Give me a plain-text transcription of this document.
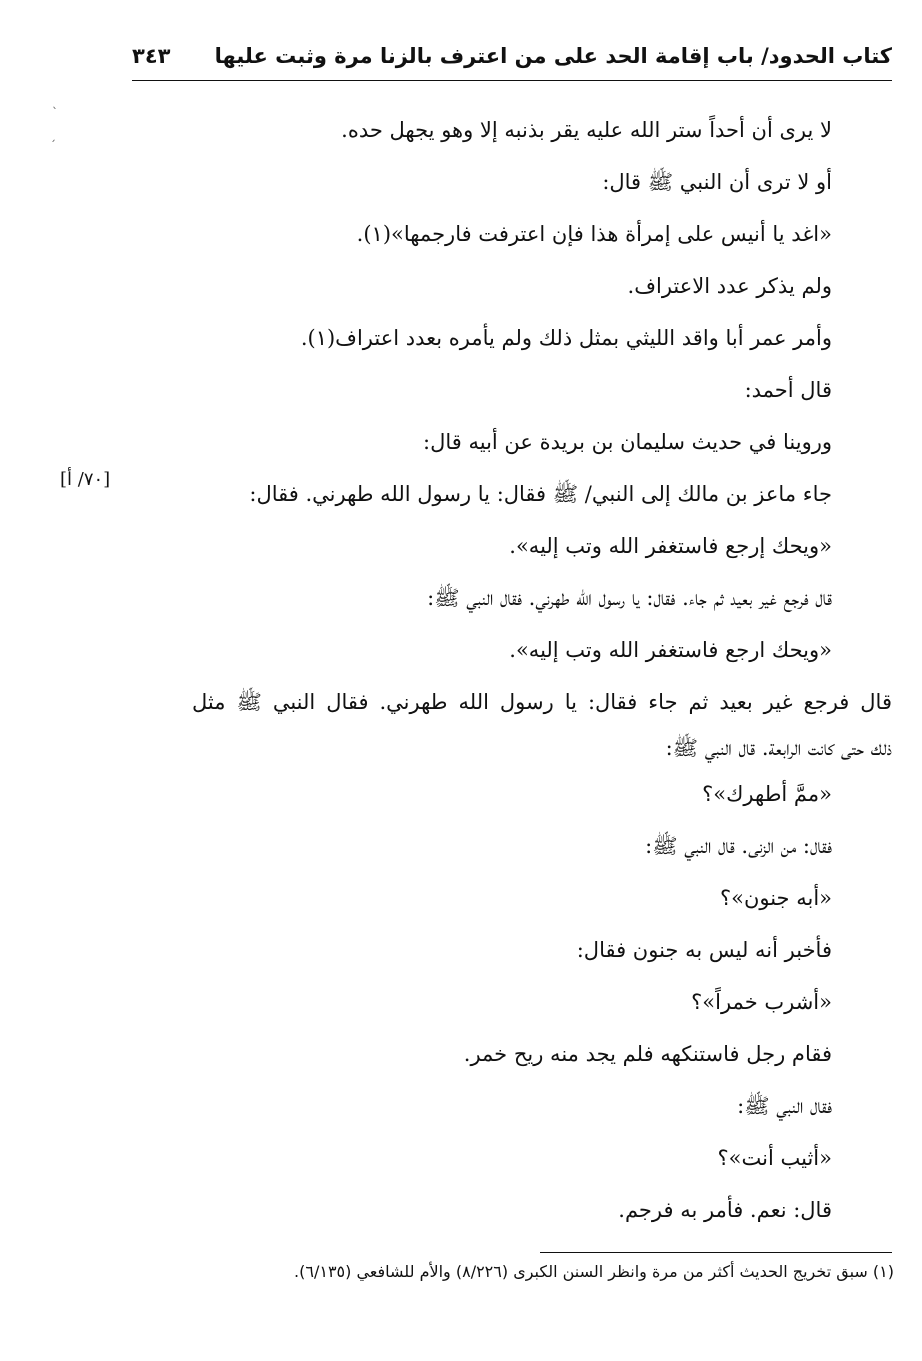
كتاب الحدود/ باب إقامة الحد على من اعترف بالزنا مرة وثبت عليها
٣٤٣
ˎ
ˏ
[٧٠/ أ]
لا يرى أن أحداً ستر الله عليه يقر بذنبه إلا وهو يجهل حده.
أو لا ترى أن النبي ﷺ قال:
«اغد يا أنيس على إمرأة هذا فإن اعترفت فارجمها»(١).
ولم يذكر عدد الاعتراف.
وأمر عمر أبا واقد الليثي بمثل ذلك ولم يأمره بعدد اعتراف(١).
قال أحمد:
وروينا في حديث سليمان بن بريدة عن أبيه قال:
جاء ماعز بن مالك إلى النبي/ ﷺ فقال: يا رسول الله طهرني. فقال:
«ويحك إرجع فاستغفر الله وتب إليه».
قال فرجع غير بعيد ثم جاء. فقال: يا رسول الله طهرني. فقال النبي ﷺ:
«ويحك ارجع فاستغفر الله وتب إليه».
قال فرجع غير بعيد ثم جاء فقال: يا رسول الله طهرني. فقال النبي ﷺ مثل
ذلك حتى كانت الرابعة. قال النبي ﷺ:
«ممَّ أطهرك»؟
فقال: من الزنى. قال النبي ﷺ:
«أبه جنون»؟
فأخبر أنه ليس به جنون فقال:
«أشرب خمراً»؟
فقام رجل فاستنكهه فلم يجد منه ريح خمر.
فقال النبي ﷺ:
«أثيب أنت»؟
قال: نعم. فأمر به فرجم.
(١) سبق تخريج الحديث أكثر من مرة وانظر السنن الكبرى (٨/٢٢٦) والأم للشافعي (٦/١٣٥).
